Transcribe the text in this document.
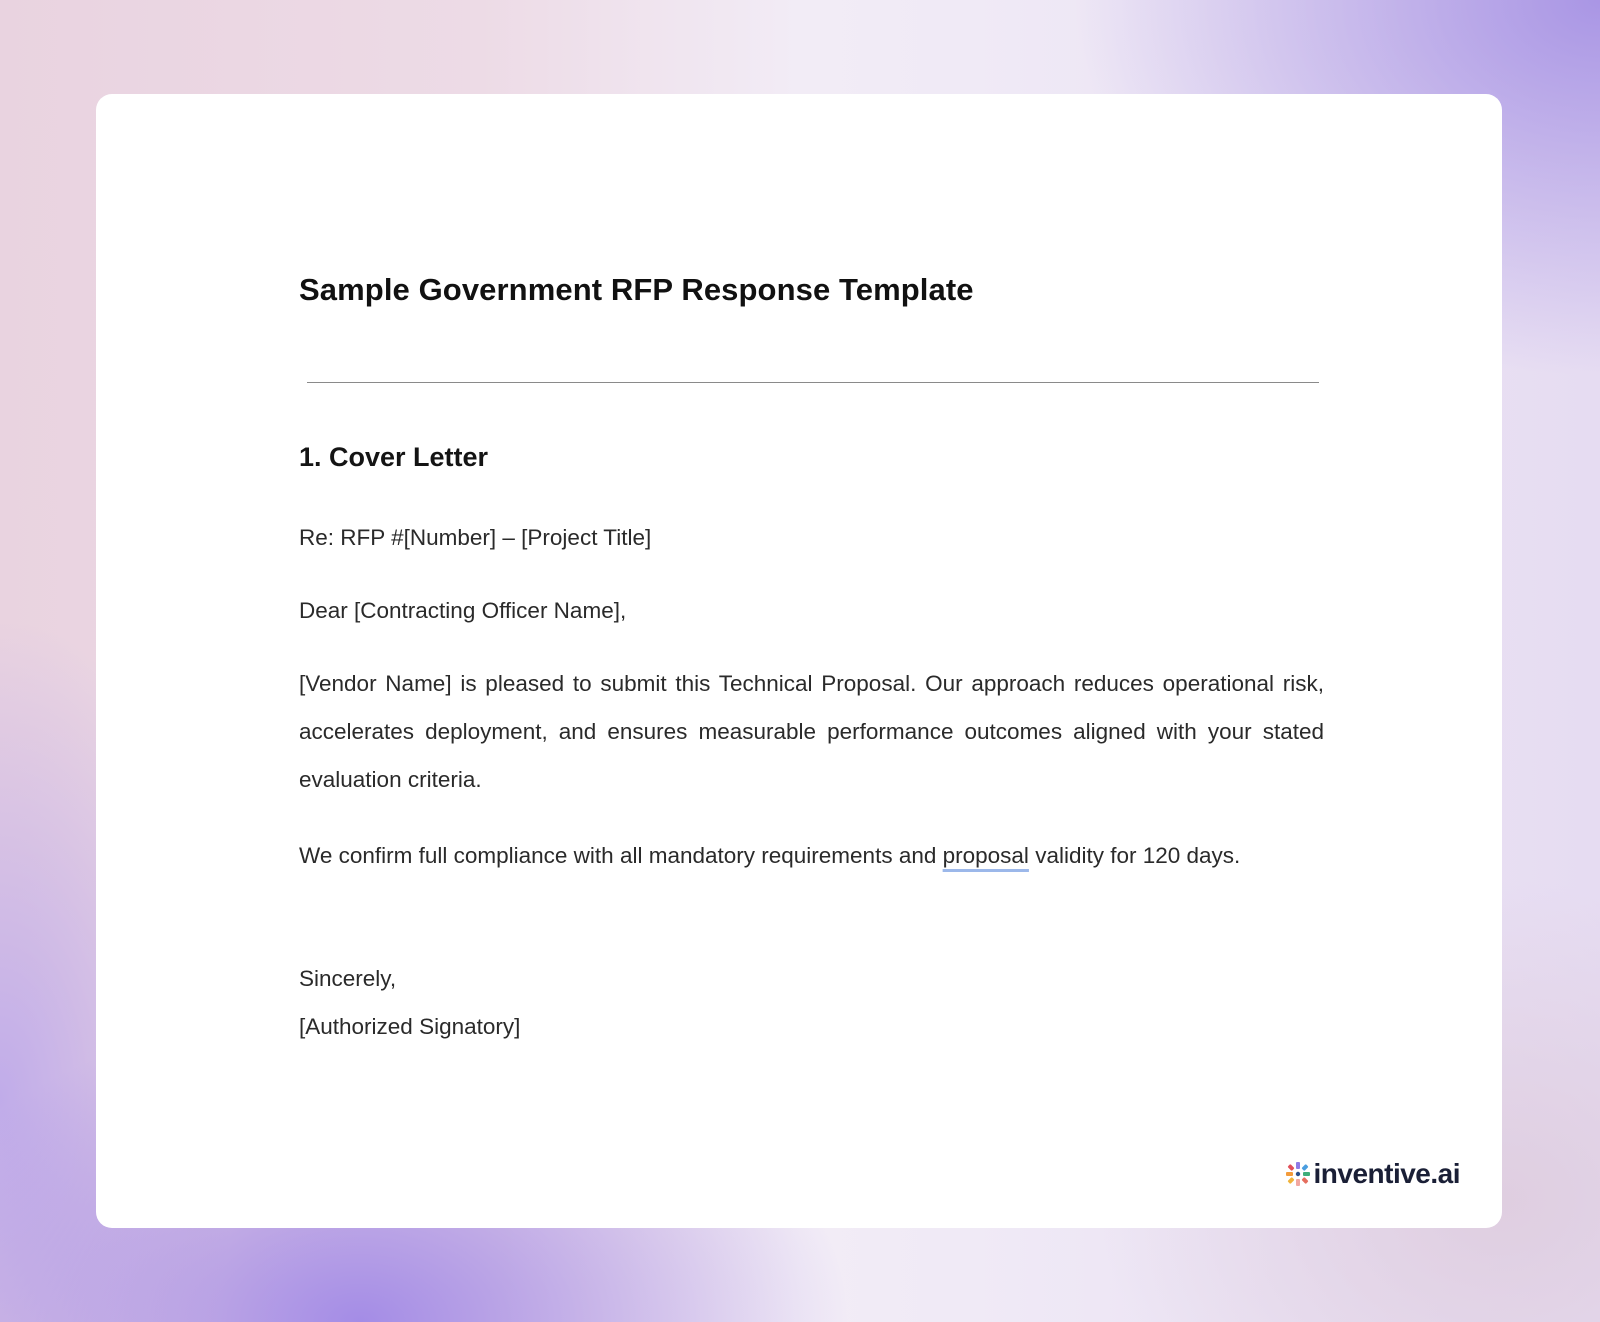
Sample Government RFP Response Template
1. Cover Letter
Re: RFP #[Number] – [Project Title]
Dear [Contracting Officer Name],
[Vendor Name] is pleased to submit this Technical Proposal. Our approach reduces operational risk, accelerates deployment, and ensures measurable performance outcomes aligned with your stated evaluation criteria.
We confirm full compliance with all mandatory requirements and proposal validity for 120 days.
Sincerely,
[Authorized Signatory]
inventive.ai
